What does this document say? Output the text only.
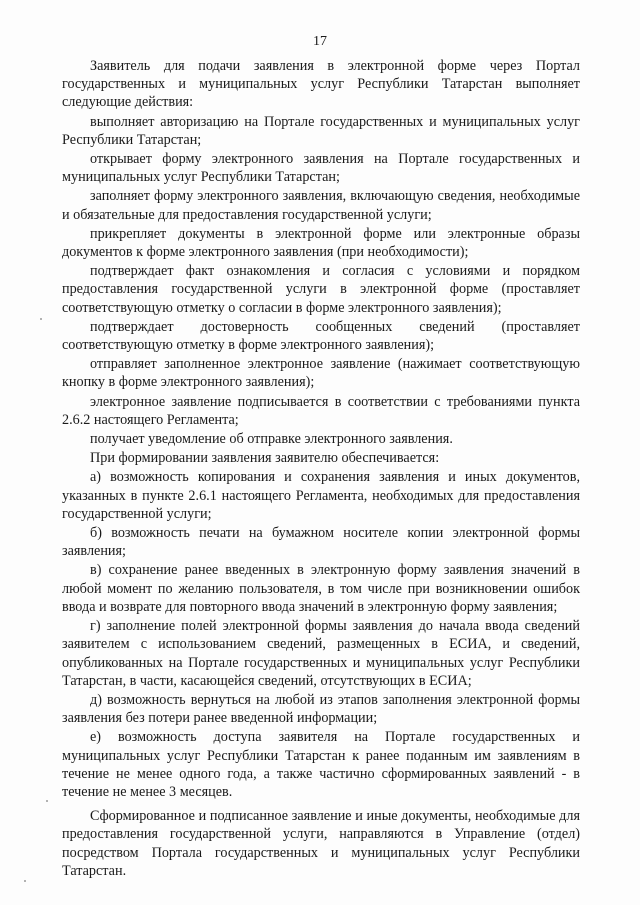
17

Заявитель для подачи заявления в электронной форме через Портал государственных и муниципальных услуг Республики Татарстан выполняет следующие действия:

выполняет авторизацию на Портале государственных и муниципальных услуг Республики Татарстан;

открывает форму электронного заявления на Портале государственных и муниципальных услуг Республики Татарстан;

заполняет форму электронного заявления, включающую сведения, необходимые и обязательные для предоставления государственной услуги;

прикрепляет документы в электронной форме или электронные образы документов к форме электронного заявления (при необходимости);

подтверждает факт ознакомления и согласия с условиями и порядком предоставления государственной услуги в электронной форме (проставляет соответствующую отметку о согласии в форме электронного заявления);

подтверждает достоверность сообщенных сведений (проставляет соответствующую отметку в форме электронного заявления);

отправляет заполненное электронное заявление (нажимает соответствующую кнопку в форме электронного заявления);

электронное заявление подписывается в соответствии с требованиями пункта 2.6.2 настоящего Регламента;

получает уведомление об отправке электронного заявления.

При формировании заявления заявителю обеспечивается:

а) возможность копирования и сохранения заявления и иных документов, указанных в пункте 2.6.1 настоящего Регламента, необходимых для предоставления государственной услуги;

б) возможность печати на бумажном носителе копии электронной формы заявления;

в) сохранение ранее введенных в электронную форму заявления значений в любой момент по желанию пользователя, в том числе при возникновении ошибок ввода и возврате для повторного ввода значений в электронную форму заявления;

г) заполнение полей электронной формы заявления до начала ввода сведений заявителем с использованием сведений, размещенных в ЕСИА, и сведений, опубликованных на Портале государственных и муниципальных услуг Республики Татарстан, в части, касающейся сведений, отсутствующих в ЕСИА;

д) возможность вернуться на любой из этапов заполнения электронной формы заявления без потери ранее введенной информации;

е) возможность доступа заявителя на Портале государственных и муниципальных услуг Республики Татарстан к ранее поданным им заявлениям в течение не менее одного года, а также частично сформированных заявлений - в течение не менее 3 месяцев.

Сформированное и подписанное заявление и иные документы, необходимые для предоставления государственной услуги, направляются в Управление (отдел) посредством Портала государственных и муниципальных услуг Республики Татарстан.
